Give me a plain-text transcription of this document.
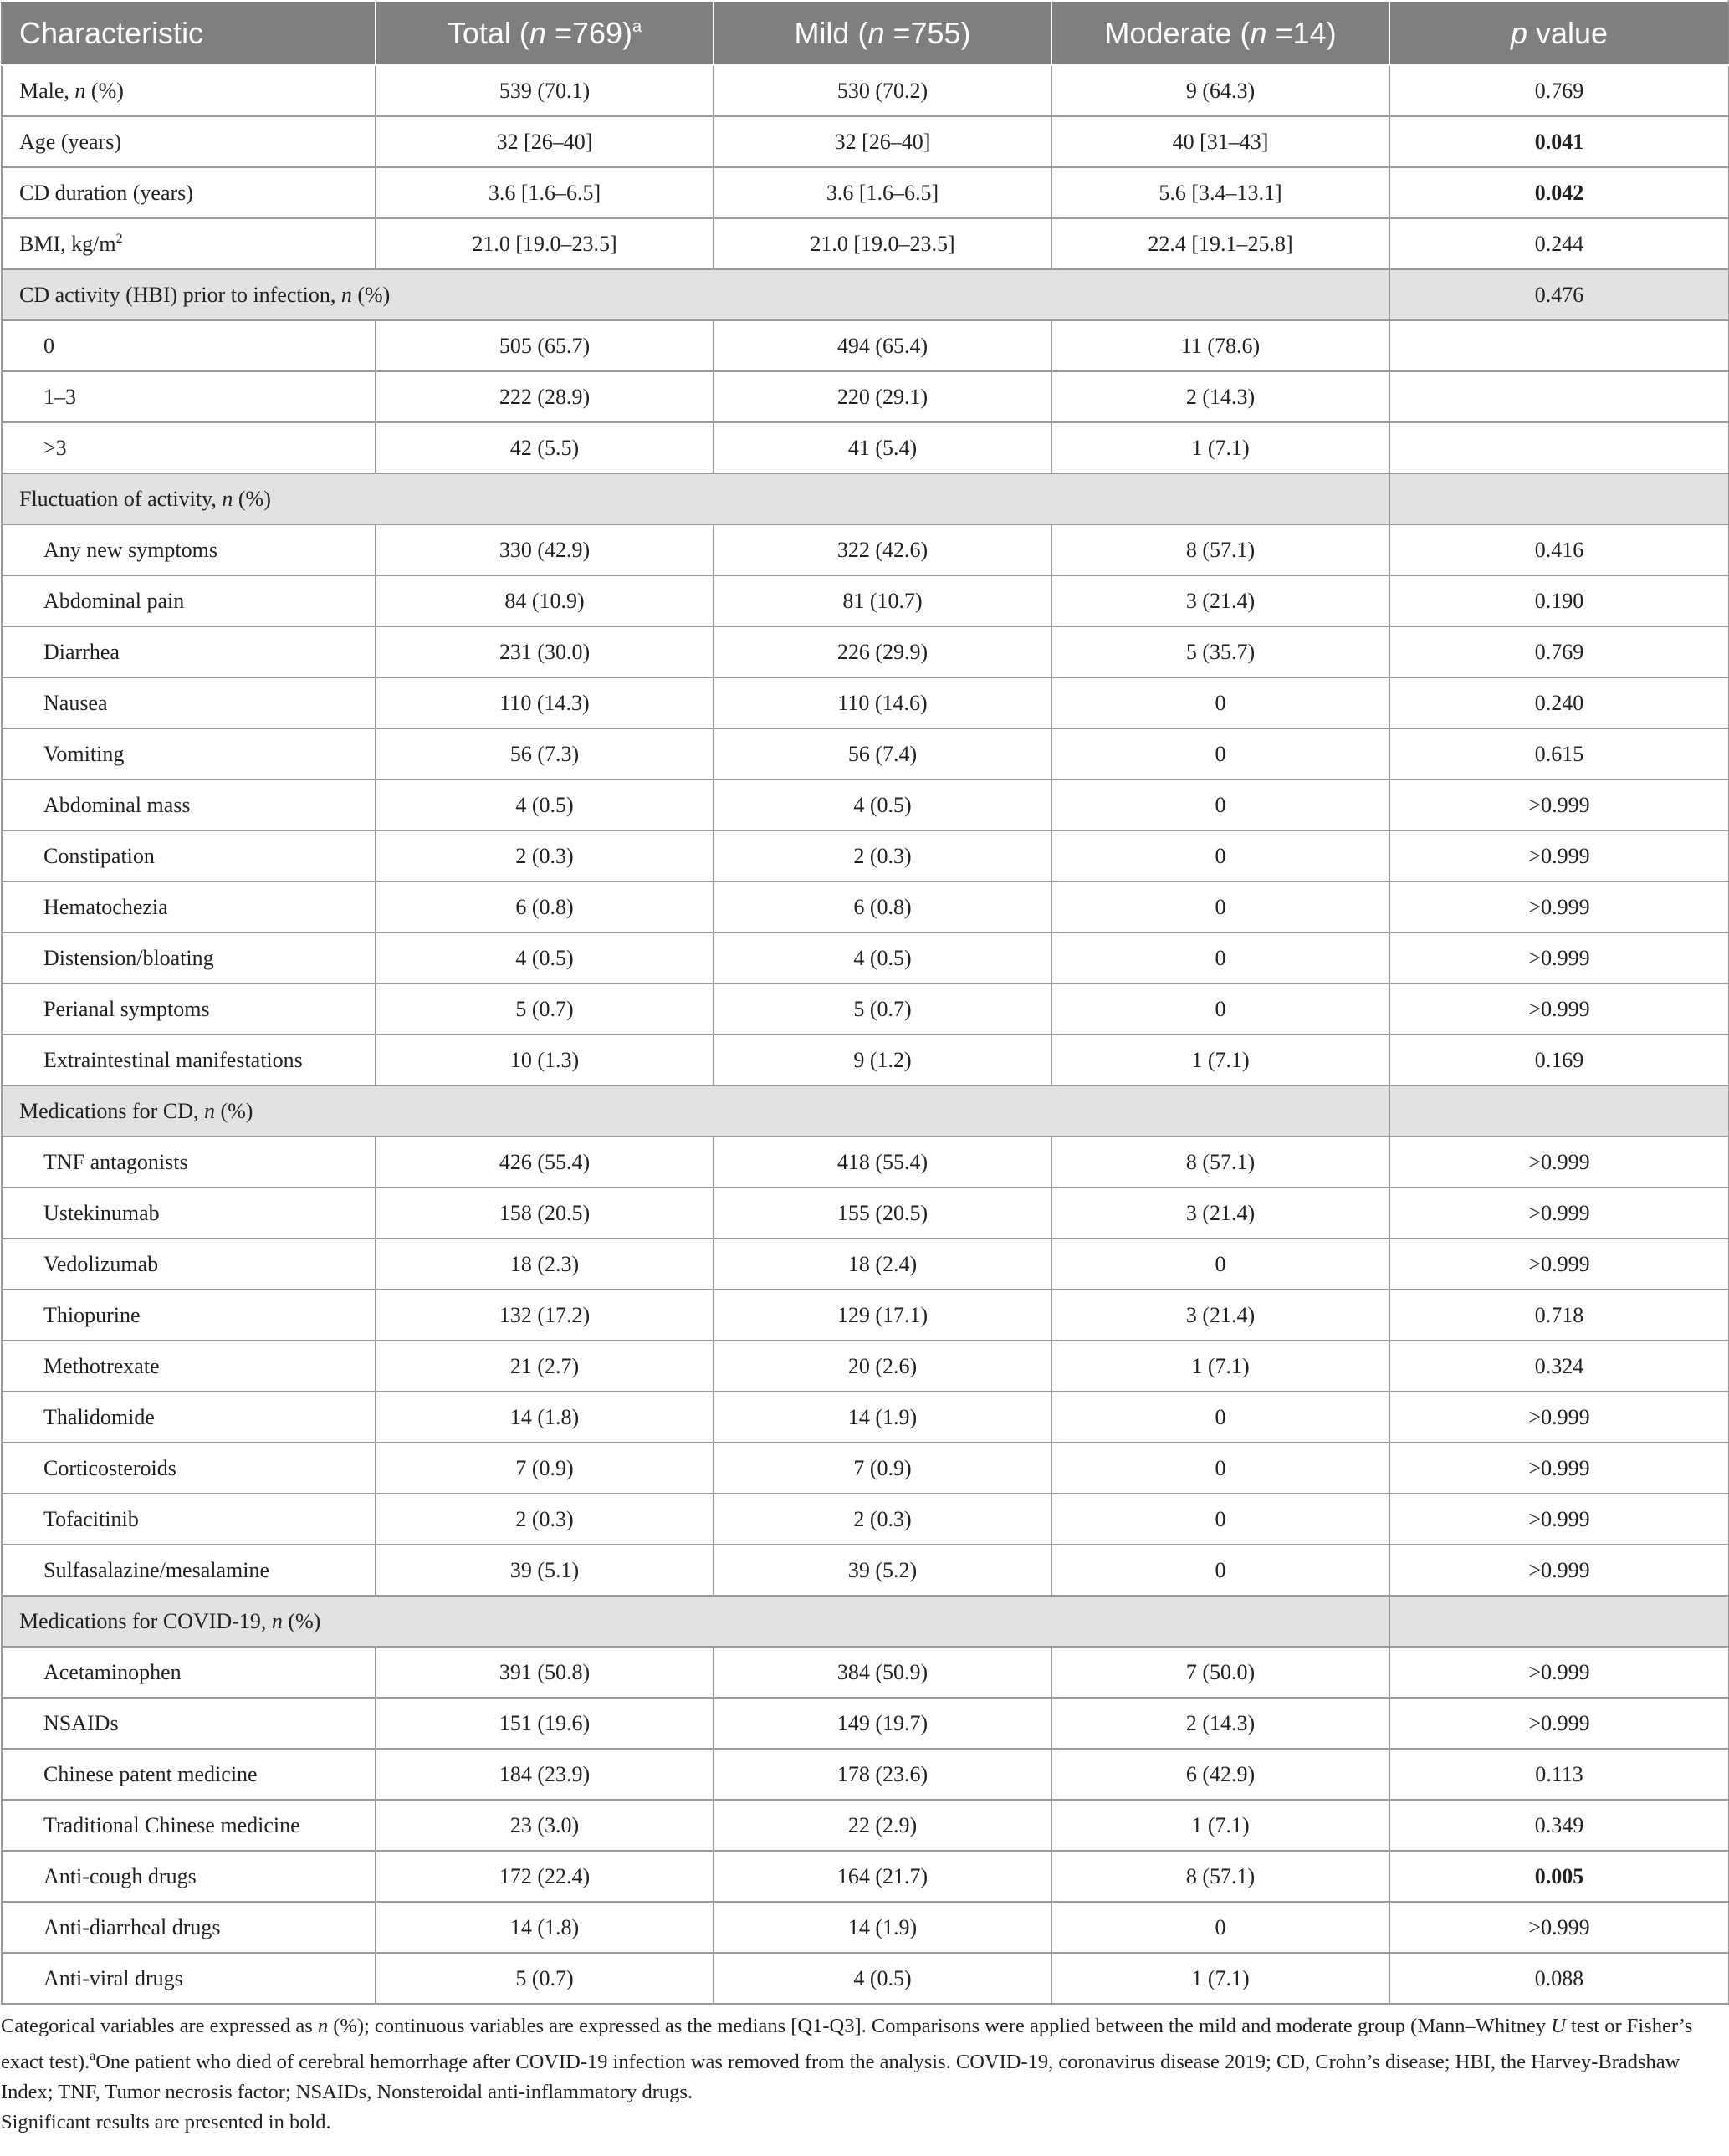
Characteristic	Total (n =769)$^a$	Mild (n =755)	Moderate (n =14)	p value
Male, n (%)	539 (70.1)	530 (70.2)	9 (64.3)	0.769
Age (years)	32 [26–40]	32 [26–40]	40 [31–43]	0.041
CD duration (years)	3.6 [1.6–6.5]	3.6 [1.6–6.5]	5.6 [3.4–13.1]	0.042
BMI, $kg/m^2$	21.0 [19.0–23.5]	21.0 [19.0–23.5]	22.4 [19.1–25.8]	0.244
CD activity (HBI) prior to infection, n (%)				0.476
0	505 (65.7)	494 (65.4)	11 (78.6)	
1–3	222 (28.9)	220 (29.1)	2 (14.3)	
>3	42 (5.5)	41 (5.4)	1 (7.1)	
Fluctuation of activity, n (%)				
Any new symptoms	330 (42.9)	322 (42.6)	8 (57.1)	0.416
Abdominal pain	84 (10.9)	81 (10.7)	3 (21.4)	0.190
Diarrhea	231 (30.0)	226 (29.9)	5 (35.7)	0.769
Nausea	110 (14.3)	110 (14.6)	0	0.240
Vomiting	56 (7.3)	56 (7.4)	0	0.615
Abdominal mass	4 (0.5)	4 (0.5)	0	>0.999
Constipation	2 (0.3)	2 (0.3)	0	>0.999
Hematochezia	6 (0.8)	6 (0.8)	0	>0.999
Distension/bloating	4 (0.5)	4 (0.5)	0	>0.999
Perianal symptoms	5 (0.7)	5 (0.7)	0	>0.999
Extraintestinal manifestations	10 (1.3)	9 (1.2)	1 (7.1)	0.169
Medications for CD, n (%)				
TNF antagonists	426 (55.4)	418 (55.4)	8 (57.1)	>0.999
Ustekinumab	158 (20.5)	155 (20.5)	3 (21.4)	>0.999
Vedolizumab	18 (2.3)	18 (2.4)	0	>0.999
Thiopurine	132 (17.2)	129 (17.1)	3 (21.4)	0.718
Methotrexate	21 (2.7)	20 (2.6)	1 (7.1)	0.324
Thalidomide	14 (1.8)	14 (1.9)	0	>0.999
Corticosteroids	7 (0.9)	7 (0.9)	0	>0.999
Tofacitinib	2 (0.3)	2 (0.3)	0	>0.999
Sulfasalazine/mesalamine	39 (5.1)	39 (5.2)	0	>0.999
Medications for COVID-19, n (%)				
Acetaminophen	391 (50.8)	384 (50.9)	7 (50.0)	>0.999
NSAIDs	151 (19.6)	149 (19.7)	2 (14.3)	>0.999
Chinese patent medicine	184 (23.9)	178 (23.6)	6 (42.9)	0.113
Traditional Chinese medicine	23 (3.0)	22 (2.9)	1 (7.1)	0.349
Anti-cough drugs	172 (22.4)	164 (21.7)	8 (57.1)	0.005
Anti-diarrheal drugs	14 (1.8)	14 (1.9)	0	>0.999
Anti-viral drugs	5 (0.7)	4 (0.5)	1 (7.1)	0.088

Categorical variables are expressed as n (%); continuous variables are expressed as the medians [Q1-Q3]. Comparisons were applied between the mild and moderate group (Mann–Whitney U test or Fisher’s exact test).$^a$One patient who died of cerebral hemorrhage after COVID-19 infection was removed from the analysis. COVID-19, coronavirus disease 2019; CD, Crohn’s disease; HBI, the Harvey-Bradshaw Index; TNF, Tumor necrosis factor; NSAIDs, Nonsteroidal anti-inflammatory drugs.

Significant results are presented in bold.
